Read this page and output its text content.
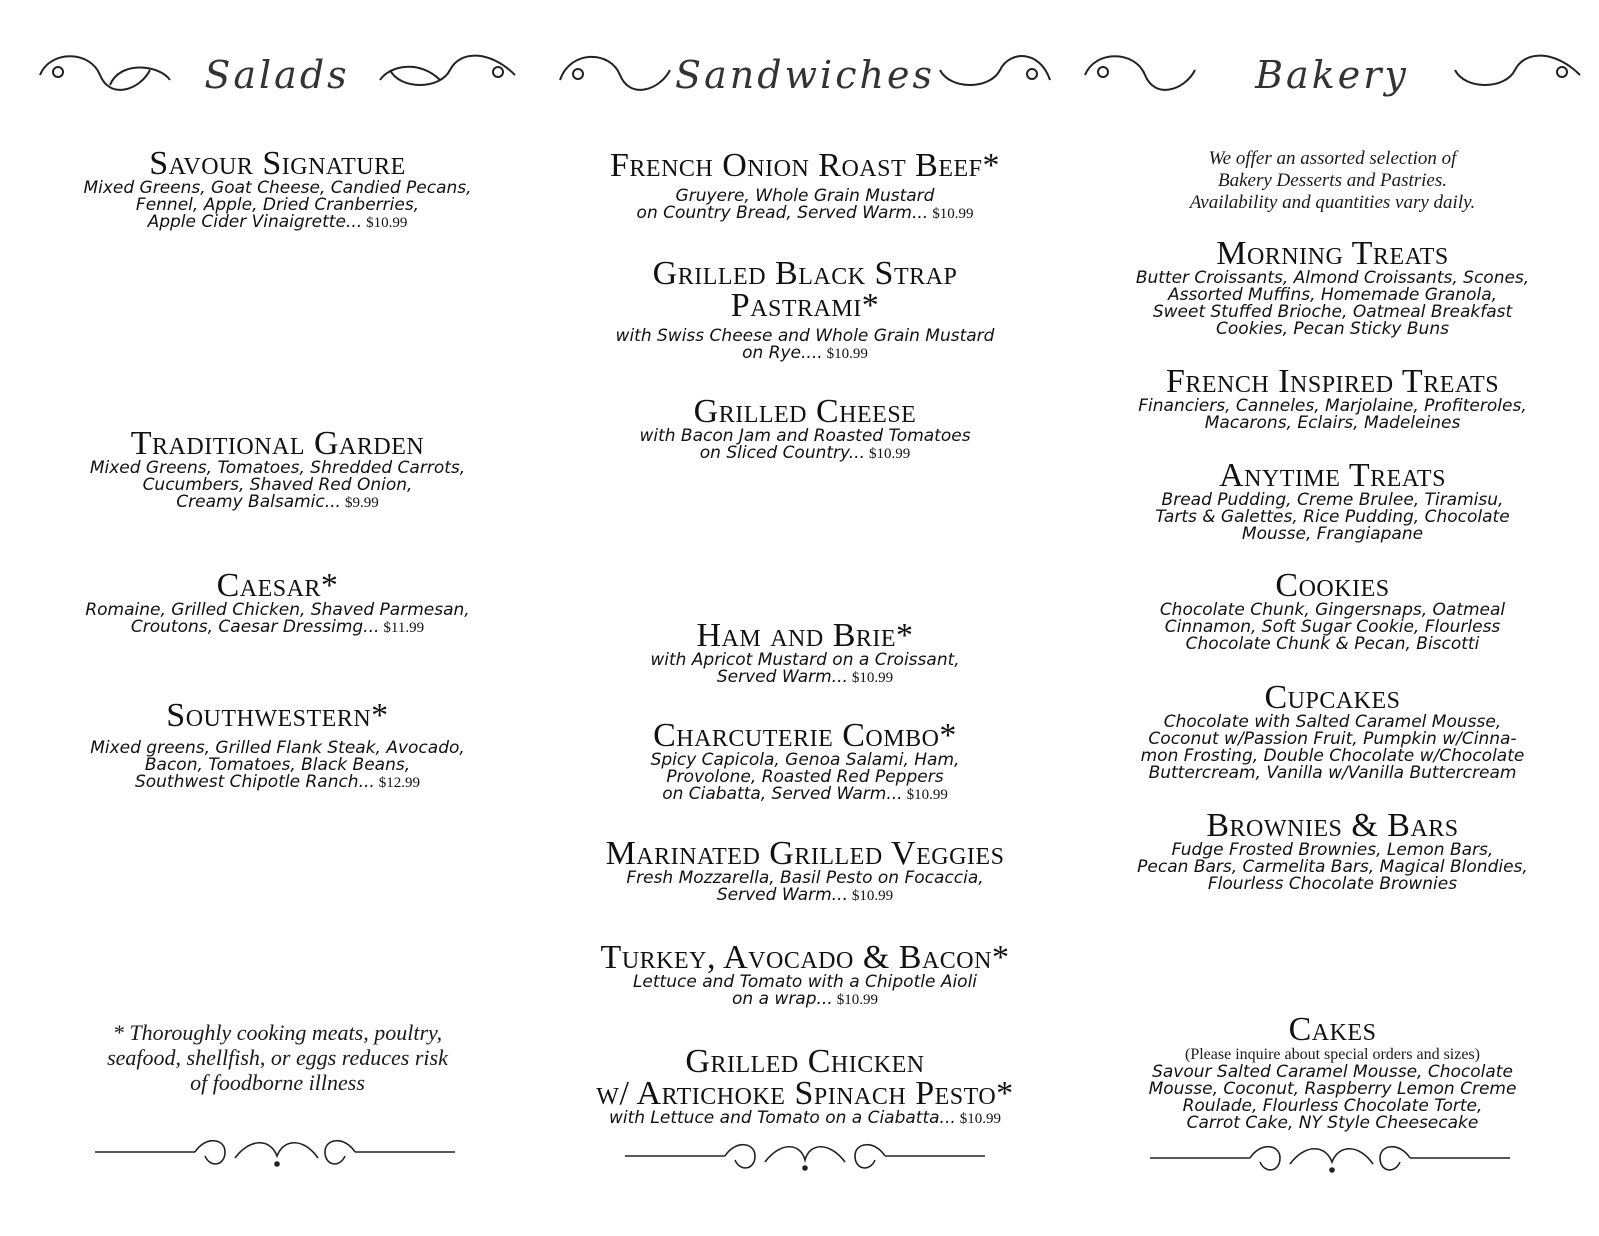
Salads
Savour Signature
Mixed Greens, Goat Cheese, Candied Pecans,
Fennel, Apple, Dried Cranberries,
Apple Cider Vinaigrette... $10.99
Traditional Garden
Mixed Greens, Tomatoes, Shredded Carrots,
Cucumbers, Shaved Red Onion,
Creamy Balsamic... $9.99
Caesar*
Romaine, Grilled Chicken, Shaved Parmesan,
Croutons, Caesar Dressimg... $11.99
Southwestern*
Mixed greens, Grilled Flank Steak, Avocado,
Bacon, Tomatoes, Black Beans,
Southwest Chipotle Ranch... $12.99
* Thoroughly cooking meats, poultry,
seafood, shellfish, or eggs reduces risk
of foodborne illness
Sandwiches
French Onion Roast Beef*
Gruyere, Whole Grain Mustard
on Country Bread, Served Warm... $10.99
Grilled Black Strap
Pastrami*
with Swiss Cheese and Whole Grain Mustard
on Rye.... $10.99
Grilled Cheese
with Bacon Jam and Roasted Tomatoes
on Sliced Country... $10.99
Ham and Brie*
with Apricot Mustard on a Croissant,
Served Warm... $10.99
Charcuterie Combo*
Spicy Capicola, Genoa Salami, Ham,
Provolone, Roasted Red Peppers
on Ciabatta, Served Warm... $10.99
Marinated Grilled Veggies
Fresh Mozzarella, Basil Pesto on Focaccia,
Served Warm... $10.99
Turkey, Avocado & Bacon*
Lettuce and Tomato with a Chipotle Aioli
on a wrap... $10.99
Grilled Chicken
w/ Artichoke Spinach Pesto*
with Lettuce and Tomato on a Ciabatta... $10.99
Bakery
We offer an assorted selection of
Bakery Desserts and Pastries.
Availability and quantities vary daily.
Morning Treats
Butter Croissants, Almond Croissants, Scones,
Assorted Muffins, Homemade Granola,
Sweet Stuffed Brioche, Oatmeal Breakfast
Cookies, Pecan Sticky Buns
French Inspired Treats
Financiers, Canneles, Marjolaine, Profiteroles,
Macarons, Eclairs, Madeleines
Anytime Treats
Bread Pudding, Creme Brulee, Tiramisu,
Tarts & Galettes, Rice Pudding, Chocolate
Mousse, Frangiapane
Cookies
Chocolate Chunk, Gingersnaps, Oatmeal
Cinnamon, Soft Sugar Cookie, Flourless
Chocolate Chunk & Pecan, Biscotti
Cupcakes
Chocolate with Salted Caramel Mousse,
Coconut w/Passion Fruit, Pumpkin w/Cinna-
mon Frosting, Double Chocolate w/Chocolate
Buttercream, Vanilla w/Vanilla Buttercream
Brownies & Bars
Fudge Frosted Brownies, Lemon Bars,
Pecan Bars, Carmelita Bars, Magical Blondies,
Flourless Chocolate Brownies
Cakes
(Please inquire about special orders and sizes)
Savour Salted Caramel Mousse, Chocolate
Mousse, Coconut, Raspberry Lemon Creme
Roulade, Flourless Chocolate Torte,
Carrot Cake, NY Style Cheesecake
